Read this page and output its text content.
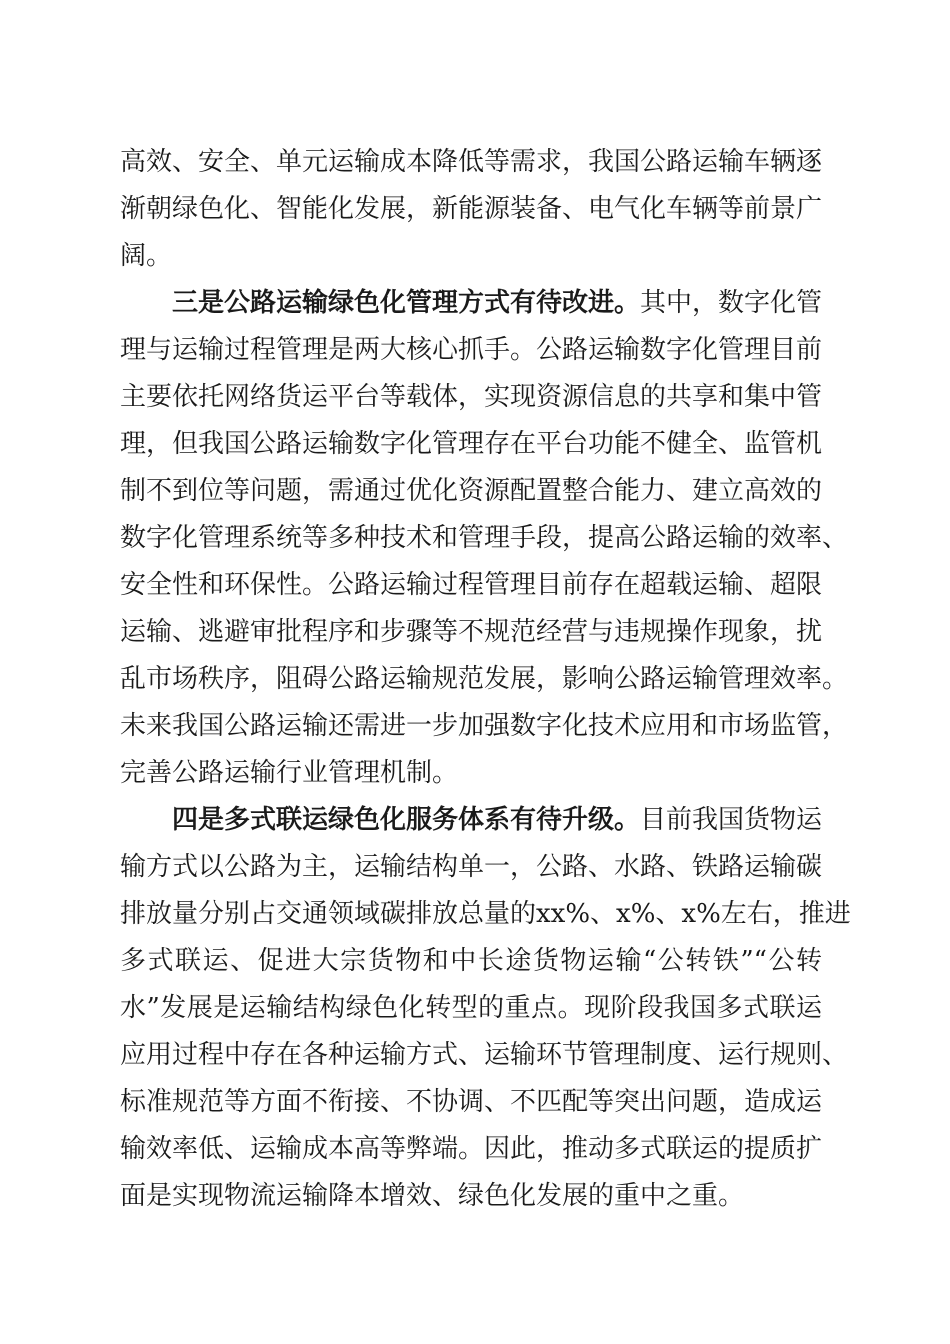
高效、安全、单元运输成本降低等需求，我国公路运输车辆逐
渐朝绿色化、智能化发展，新能源装备、电气化车辆等前景广
阔。
三是公路运输绿色化管理方式有待改进。其中，数字化管
理与运输过程管理是两大核心抓手。公路运输数字化管理目前
主要依托网络货运平台等载体，实现资源信息的共享和集中管
理，但我国公路运输数字化管理存在平台功能不健全、监管机
制不到位等问题，需通过优化资源配置整合能力、建立高效的
数字化管理系统等多种技术和管理手段，提高公路运输的效率、
安全性和环保性。公路运输过程管理目前存在超载运输、超限
运输、逃避审批程序和步骤等不规范经营与违规操作现象，扰
乱市场秩序，阻碍公路运输规范发展，影响公路运输管理效率。
未来我国公路运输还需进一步加强数字化技术应用和市场监管，
完善公路运输行业管理机制。
四是多式联运绿色化服务体系有待升级。目前我国货物运
输方式以公路为主，运输结构单一，公路、水路、铁路运输碳
排放量分别占交通领域碳排放总量的xx%、x%、x%左右，推进
多式联运、促进大宗货物和中长途货物运输“公转铁”“公转
水”发展是运输结构绿色化转型的重点。现阶段我国多式联运
应用过程中存在各种运输方式、运输环节管理制度、运行规则、
标准规范等方面不衔接、不协调、不匹配等突出问题，造成运
输效率低、运输成本高等弊端。因此，推动多式联运的提质扩
面是实现物流运输降本增效、绿色化发展的重中之重。
